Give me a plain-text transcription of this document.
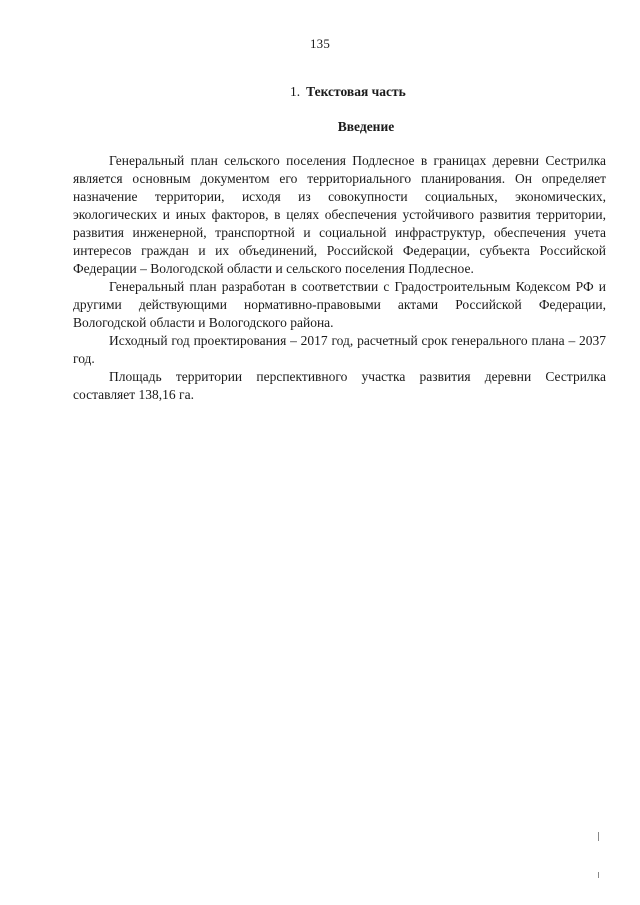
135
1. Текстовая часть
Введение

Генеральный план сельского поселения Подлесное в границах деревни Сестрилка является основным документом его территориального планирования. Он определяет назначение территории, исходя из совокупности социальных, экономических, экологических и иных факторов, в целях обеспечения устойчивого развития территории, развития инженерной, транспортной и социальной инфраструктур, обеспечения учета интересов граждан и их объединений, Российской Федерации, субъекта Российской Федерации – Вологодской области и сельского поселения Подлесное.

Генеральный план разработан в соответствии с Градостроительным Кодексом РФ и другими действующими нормативно-правовыми актами Российской Федерации, Вологодской области и Вологодского района.

Исходный год проектирования – 2017 год, расчетный срок генерального плана – 2037 год.

Площадь территории перспективного участка развития деревни Сестрилка составляет 138,16 га.
